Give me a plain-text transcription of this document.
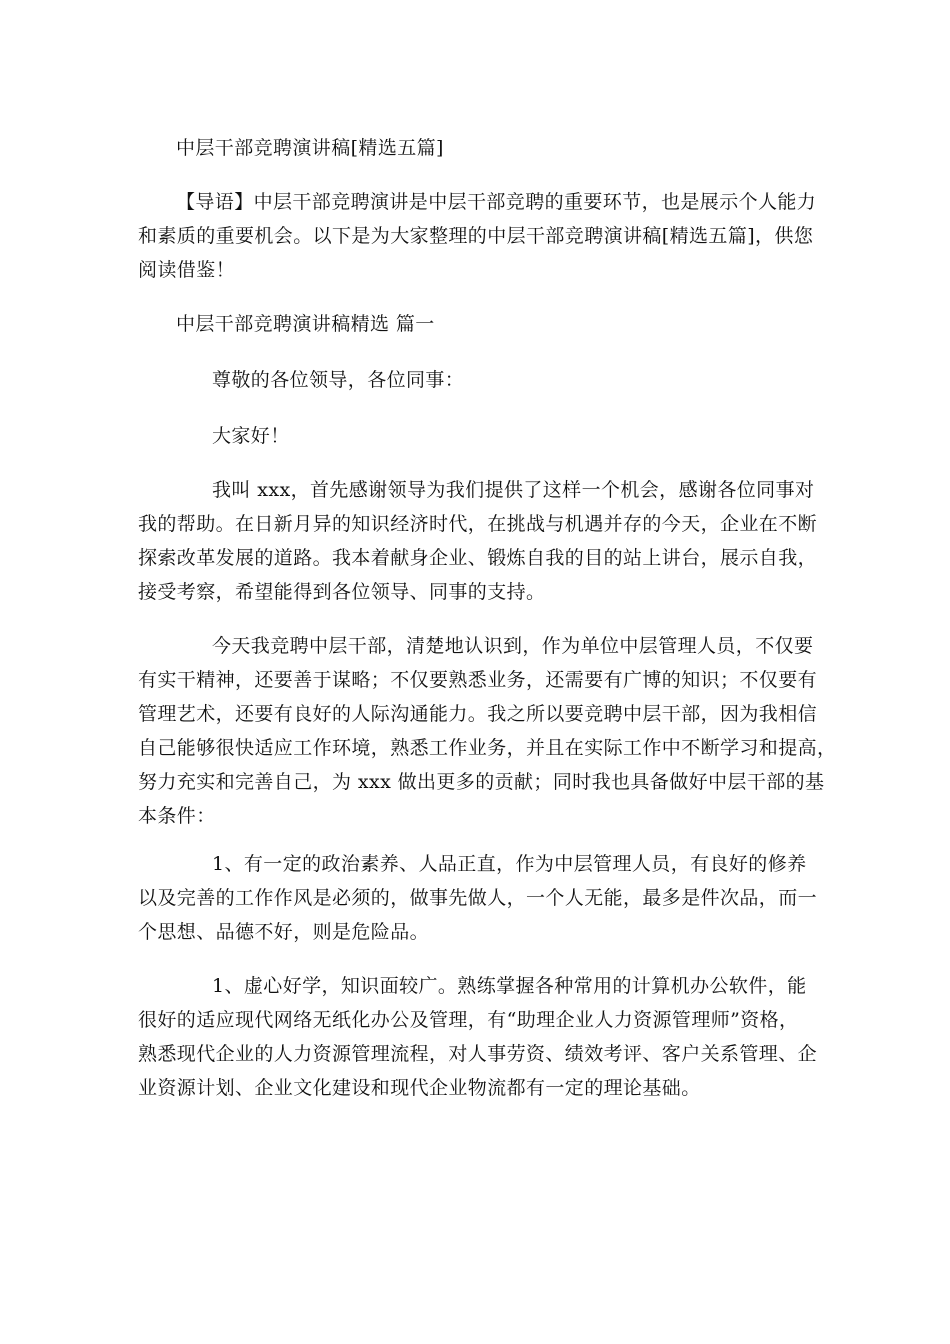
中层干部竞聘演讲稿[精选五篇]
【导语】中层干部竞聘演讲是中层干部竞聘的重要环节，也是展示个人能力
和素质的重要机会。以下是为大家整理的中层干部竞聘演讲稿[精选五篇]，供您
阅读借鉴！
中层干部竞聘演讲稿精选 篇一
尊敬的各位领导，各位同事：
大家好！
我叫 xxx，首先感谢领导为我们提供了这样一个机会，感谢各位同事对
我的帮助。在日新月异的知识经济时代，在挑战与机遇并存的今天，企业在不断
探索改革发展的道路。我本着献身企业、锻炼自我的目的站上讲台，展示自我，
接受考察，希望能得到各位领导、同事的支持。
今天我竞聘中层干部，清楚地认识到，作为单位中层管理人员，不仅要
有实干精神，还要善于谋略；不仅要熟悉业务，还需要有广博的知识；不仅要有
管理艺术，还要有良好的人际沟通能力。我之所以要竞聘中层干部，因为我相信
自己能够很快适应工作环境，熟悉工作业务，并且在实际工作中不断学习和提高，
努力充实和完善自己，为 xxx 做出更多的贡献；同时我也具备做好中层干部的基
本条件：
1、有一定的政治素养、人品正直，作为中层管理人员，有良好的修养
以及完善的工作作风是必须的，做事先做人，一个人无能，最多是件次品，而一
个思想、品德不好，则是危险品。
1、虚心好学，知识面较广。熟练掌握各种常用的计算机办公软件，能
很好的适应现代网络无纸化办公及管理，有“助理企业人力资源管理师”资格，
熟悉现代企业的人力资源管理流程，对人事劳资、绩效考评、客户关系管理、企
业资源计划、企业文化建设和现代企业物流都有一定的理论基础。
